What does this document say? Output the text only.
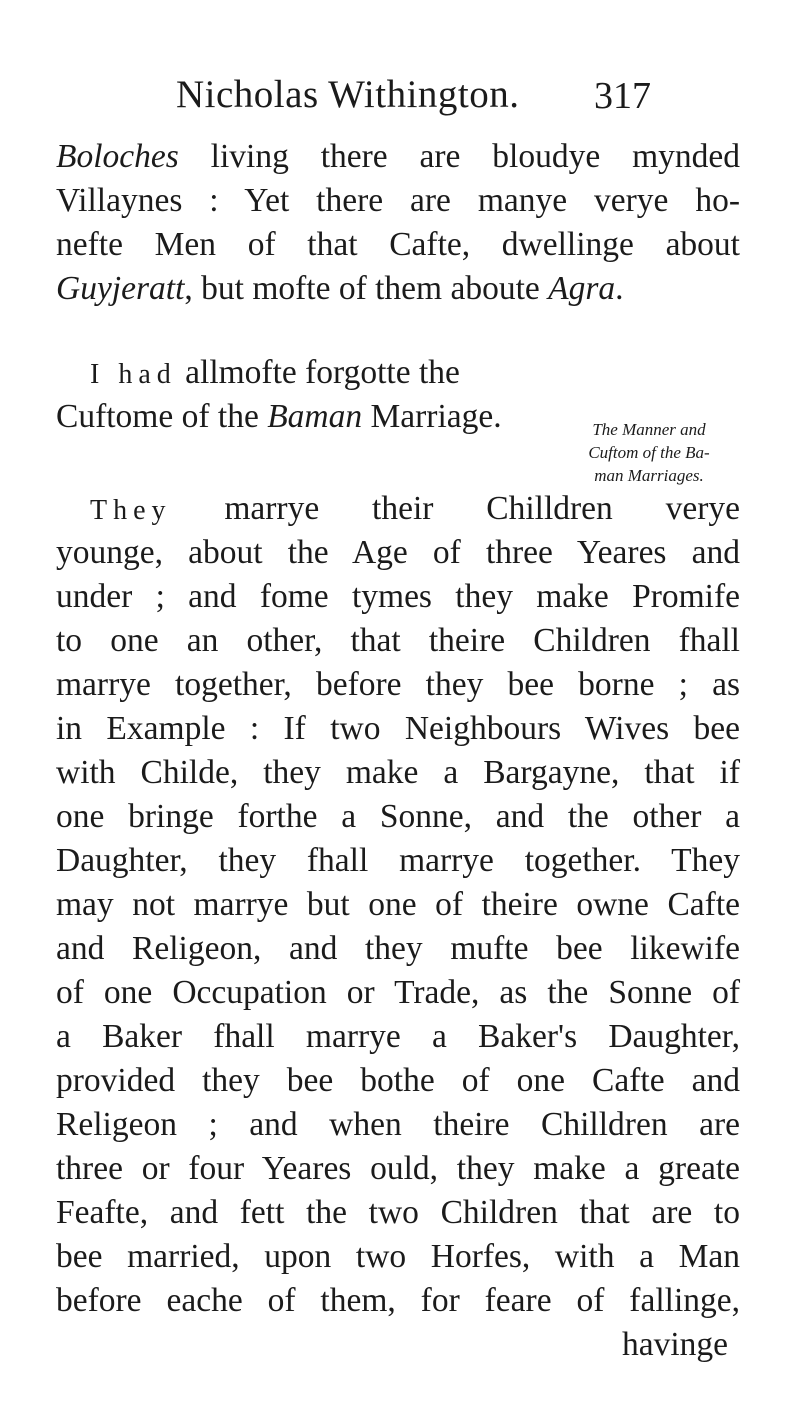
Nicholas Withington. 317
Boloches living there are bloudye mynded
Villaynes : Yet there are manye verye ho-
nefte Men of that Cafte, dwellinge about
Guyjeratt, but mofte of them aboute Agra.
I had allmofte forgotte the
Cuftome of the Baman Marriage.	The Manner and
Cuftom of the Ba-
man Marriages.
They marrye their Chilldren verye
younge, about the Age of three Yeares and
under ; and fome tymes they make Promife
to one an other, that theire Children fhall
marrye together, before they bee borne ; as
in Example : If two Neighbours Wives bee
with Childe, they make a Bargayne, that if
one bringe forthe a Sonne, and the other a
Daughter, they fhall marrye together. They
may not marrye but one of theire owne Cafte
and Religeon, and they mufte bee likewife
of one Occupation or Trade, as the Sonne of
a Baker fhall marrye a Baker's Daughter,
provided they bee bothe of one Cafte and
Religeon ; and when theire Chilldren are
three or four Yeares ould, they make a greate
Feafte, and fett the two Children that are to
bee married, upon two Horfes, with a Man
before eache of them, for feare of fallinge,
havinge
